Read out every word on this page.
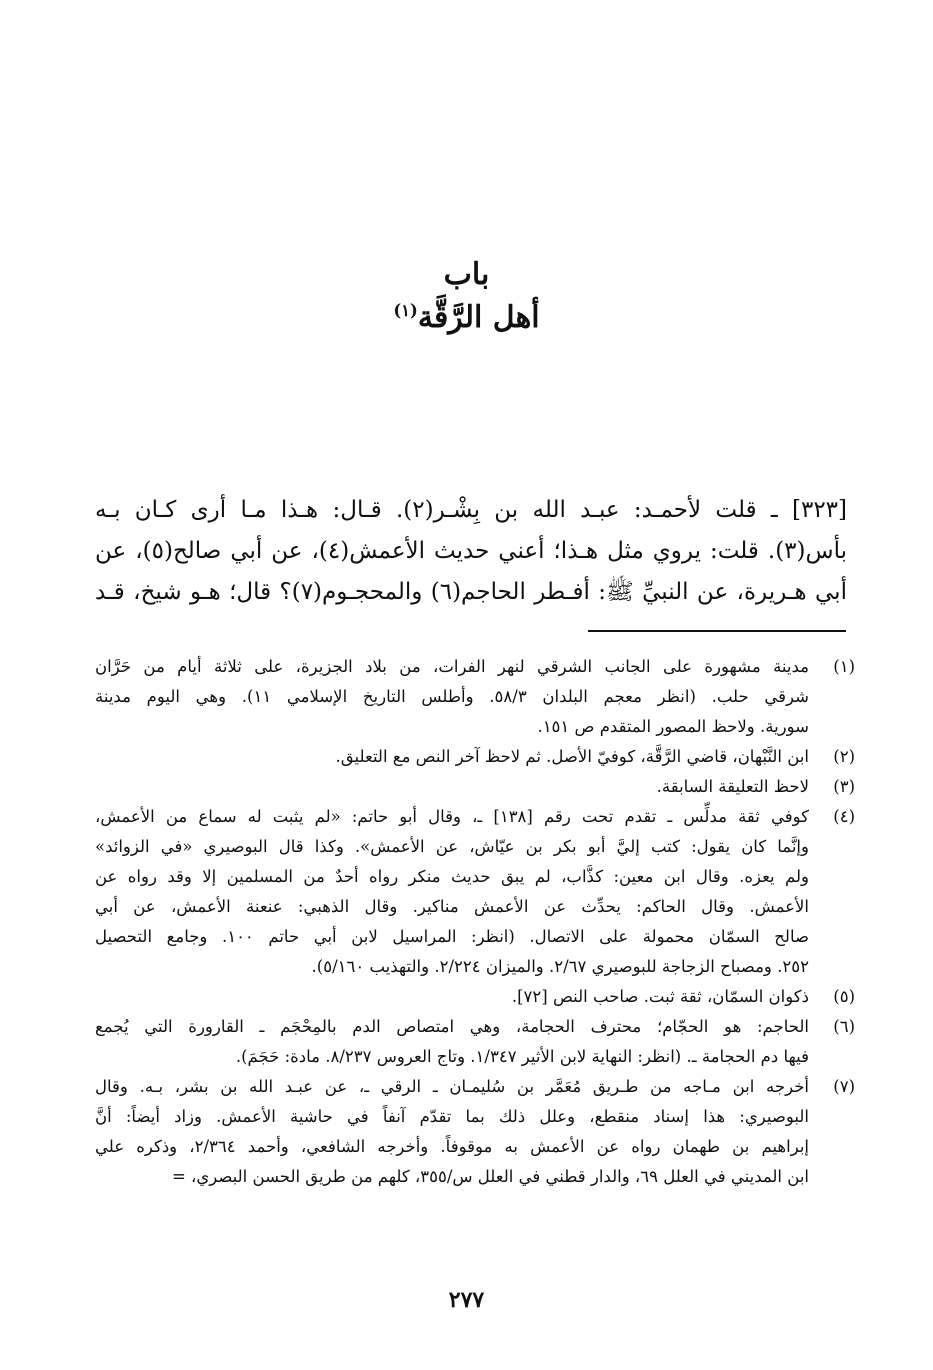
باب
أهل الرَّقَّة$^{(١)}$
[٣٢٣] ـ قلت لأحمـد: عبـد الله بن بِشْـر(٢). قـال: هـذا مـا أرى كـان بـه
بأس(٣). قلت: يروي مثل هـذا؛ أعني حديث الأعمش(٤)، عن أبي صالح(٥)، عن
أبي هـريرة، عن النبيِّ ﷺ: أفـطر الحاجم(٦) والمحجـوم(٧)؟ قال؛ هـو شيخ، قـد
(١)
مدينة مشهورة على الجانب الشرقي لنهر الفرات، من بلاد الجزيرة، على ثلاثة أيام من حَرَّان
شرقي حلب. (انظر معجم البلدان ٥٨/٣. وأطلس التاريخ الإسلامي ١١). وهي اليوم مدينة
سورية. ولاحظ المصور المتقدم ص ١٥١.
(٢)
ابن النَّبْهان، قاضي الرَّقَّة، كوفيّ الأصل. ثم لاحظ آخر النص مع التعليق.
(٣)
لاحظ التعليقة السابقة.
(٤)
كوفي ثقة مدلِّس ـ تقدم تحت رقم [١٣٨] ـ، وقال أبو حاتم: «لم يثبت له سماع من الأعمش،
وإنَّما كان يقول: كتب إليَّ أبو بكر بن عيّاش، عن الأعمش». وكذا قال البوصيري «في الزوائد»
ولم يعزه. وقال ابن معين: كذَّاب، لم يبق حديث منكر رواه أحدٌ من المسلمين إلا وقد رواه عن
الأعمش. وقال الحاكم: يحدِّث عن الأعمش مناكير. وقال الذهبي: عنعنة الأعمش، عن أبي
صالح السمّان محمولة على الاتصال. (انظر: المراسيل لابن أبي حاتم ١٠٠. وجامع التحصيل
٢٥٢. ومصباح الزجاجة للبوصيري ٢/٦٧. والميزان ٢/٢٢٤. والتهذيب ٥/١٦٠).
(٥)
ذكوان السمّان، ثقة ثبت. صاحب النص [٧٢].
(٦)
الحاجم: هو الحجّام؛ محترف الحجامة، وهي امتصاص الدم بالمِحْجَم ـ القارورة التي يُجمع
فيها دم الحجامة ـ. (انظر: النهاية لابن الأثير ١/٣٤٧. وتاج العروس ٨/٢٣٧. مادة: حَجَمَ).
(٧)
أخرجه ابن مـاجه من طـريق مُعَمَّر بن سُليمـان ـ الرقي ـ، عن عبـد الله بن بشر، بـه. وقال
البوصيري: هذا إسناد منقطع، وعلل ذلك بما تقدّم آنفاً في حاشية الأعمش. وزاد أيضاً: أنَّ
إبراهيم بن طهمان رواه عن الأعمش به موقوفاً. وأخرجه الشافعي، وأحمد ٢/٣٦٤، وذكره علي
ابن المديني في العلل ٦٩، والدار قطني في العلل س/٣٥٥، كلهم من طريق الحسن البصري، =
٢٧٧
